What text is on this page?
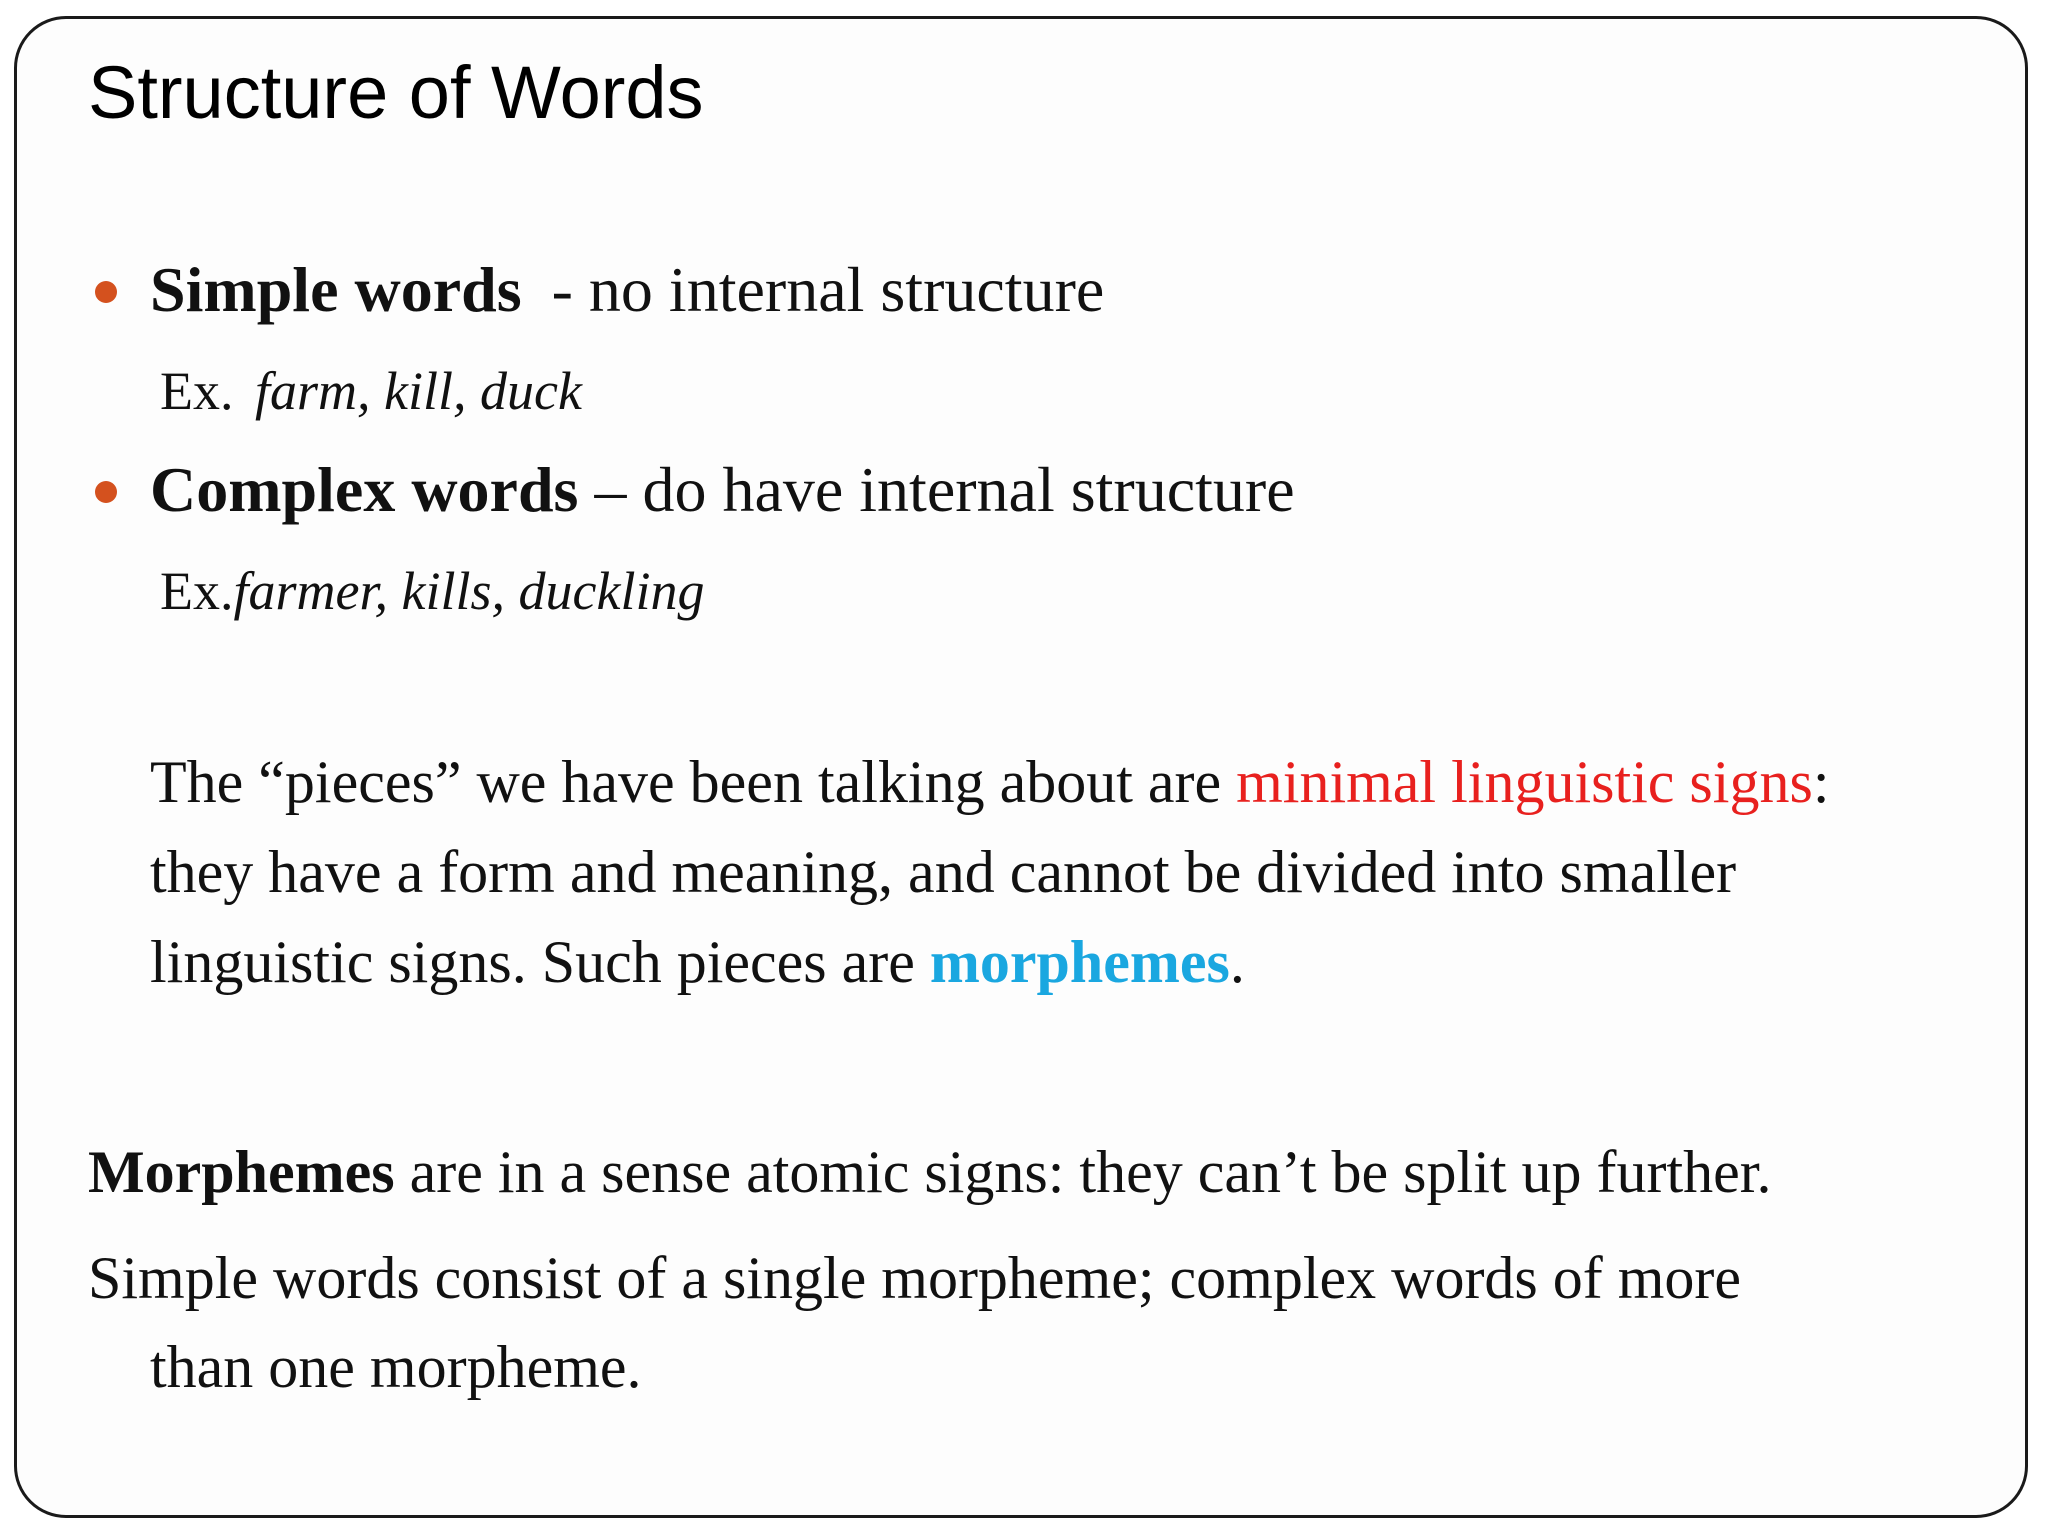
Structure of Words
Simple words - no internal structure
Ex. farm, kill, duck
Complex words – do have internal structure
Ex.farmer, kills, duckling
The “pieces” we have been talking about are minimal linguistic signs:
they have a form and meaning, and cannot be divided into smaller
linguistic signs. Such pieces are morphemes.
Morphemes are in a sense atomic signs: they can’t be split up further.
Simple words consist of a single morpheme; complex words of more
than one morpheme.
